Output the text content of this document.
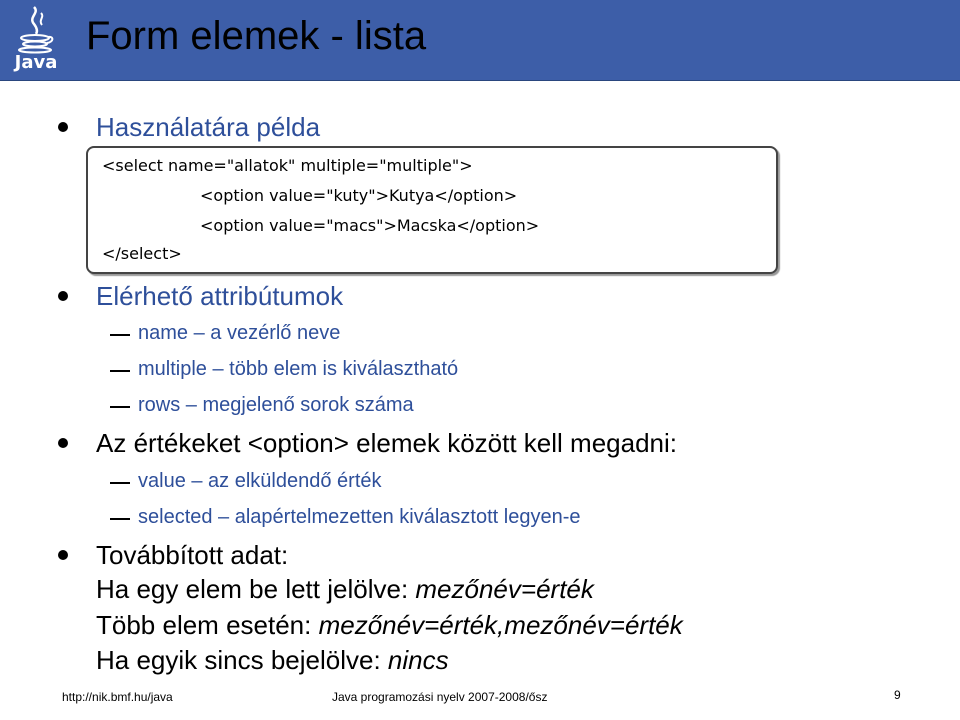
Java
Form elemek - lista
Használatára példa
<select name="allatok" multiple="multiple">
<option value="kuty">Kutya</option>
<option value="macs">Macska</option>
</select>
Elérhető attribútumok
name – a vezérlő neve
multiple – több elem is kiválasztható
rows – megjelenő sorok száma
Az értékeket <option> elemek között kell megadni:
value – az elküldendő érték
selected – alapértelmezetten kiválasztott legyen-e
Továbbított adat:
Ha egy elem be lett jelölve: mezőnév=érték
Több elem esetén: mezőnév=érték,mezőnév=érték
Ha egyik sincs bejelölve: nincs
http://nik.bmf.hu/java	Java programozási nyelv 2007-2008/ősz	9
